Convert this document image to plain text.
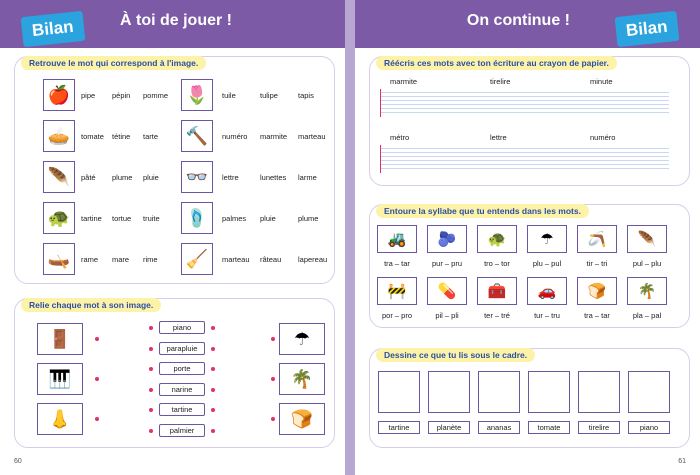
Bilan	À toi de jouer !
Retrouve le mot qui correspond à l'image.
🍎	pipe pépin pomme
🥧	tomate tétine tarte
🪶	pâté plume pluie
🐢	tartine tortue truite
🛶	rame mare rime
🌷	tuile	tulipe	tapis
🔨	numéro marmite marteau
👓	lettre	lunettes larme
🩴	palmes pluie	plume
🧹	marteau râteau lapereau
Relie chaque mot à son image.
🚪
🎹
👃
piano
parapluie
porte
narine
tartine
palmier
☂
🌴
🍞
60
On continue !	Bilan
Réécris ces mots avec ton écriture au crayon de papier.
marmite	tirelire	minute
métro	lettre	numéro
Entoure la syllabe que tu entends dans les mots.
🚜
tra – tar
🫐
pur – pru
🐢
tro – tor
☂
plu – pul
🪃
tir – tri
🪶
pul – plu
🚧
por – pro
💊
pil – pli
🧰
ter – tré
🚗
tur – tru
🍞
tra – tar
🌴
pla – pal
Dessine ce que tu lis sous le cadre.
tartine	planète	ananas	tomate	tirelire	piano
61
